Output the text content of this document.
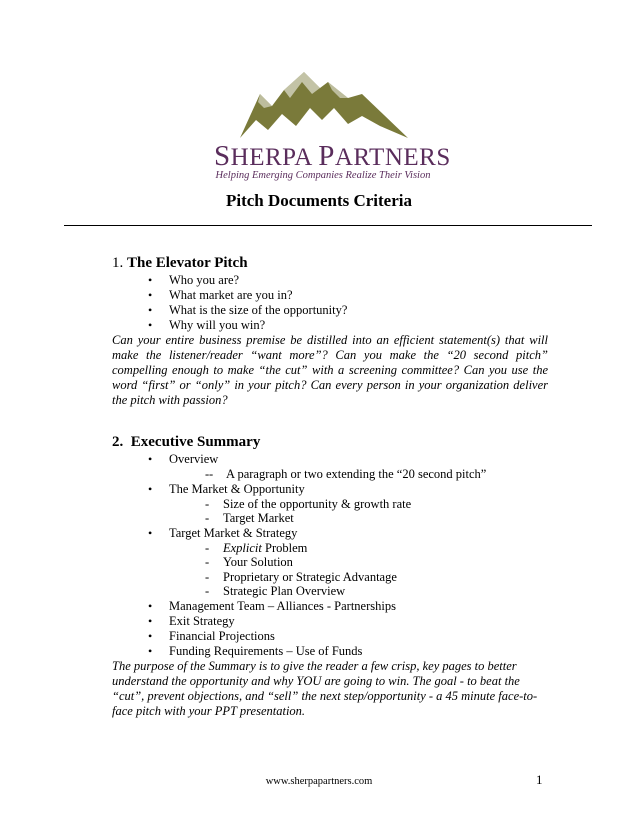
SHERPA PARTNERS
Helping Emerging Companies Realize Their Vision
Pitch Documents Criteria
1. The Elevator Pitch
• Who you are?
• What market are you in?
• What is the size of the opportunity?
• Why will you win?
Can your entire business premise be distilled into an efficient statement(s) that will make the listener/reader “want more”? Can you make the “20 second pitch” compelling enough to make “the cut” with a screening committee? Can you use the word “first” or “only” in your pitch? Can every person in your organization deliver the pitch with passion?
2. Executive Summary
• Overview
- - A paragraph or two extending the “20 second pitch”
• The Market & Opportunity
- Size of the opportunity & growth rate
- Target Market
• Target Market & Strategy
- Explicit Problem
- Your Solution
- Proprietary or Strategic Advantage
- Strategic Plan Overview
• Management Team – Alliances - Partnerships
• Exit Strategy
• Financial Projections
• Funding Requirements – Use of Funds
The purpose of the Summary is to give the reader a few crisp, key pages to better understand the opportunity and why YOU are going to win. The goal - to beat the “cut”, prevent objections, and “sell” the next step/opportunity - a 45 minute face-to-face pitch with your PPT presentation.
www.sherpapartners.com	1
